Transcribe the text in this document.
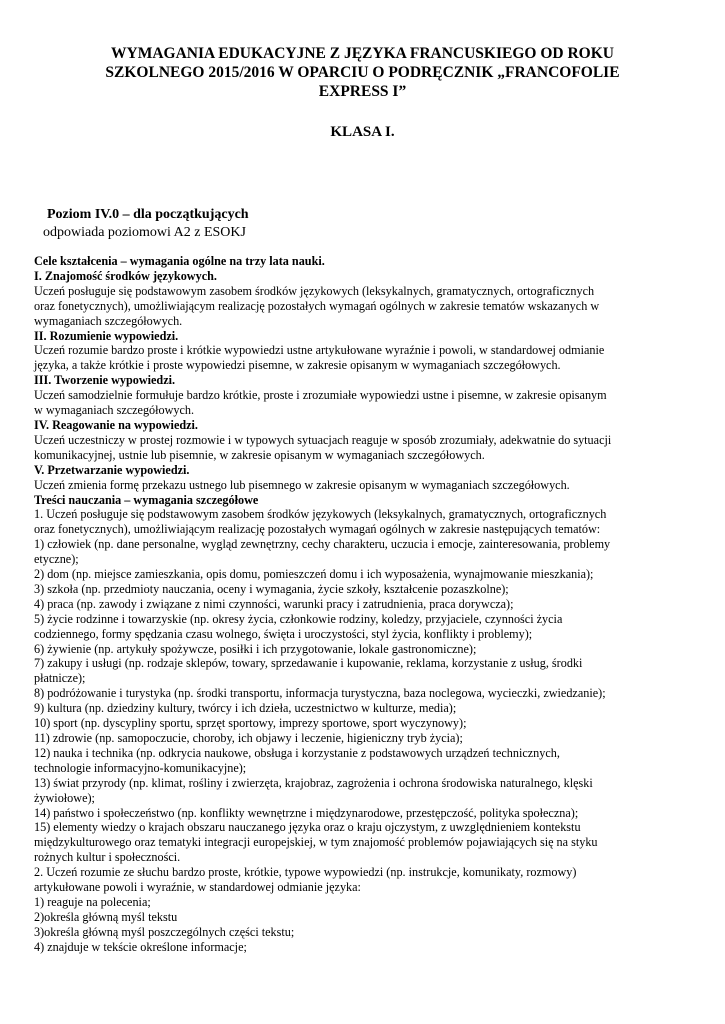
WYMAGANIA EDUKACYJNE Z JĘZYKA FRANCUSKIEGO OD ROKU
SZKOLNEGO 2015/2016 W OPARCIU O PODRĘCZNIK „FRANCOFOLIE
EXPRESS I”
KLASA I.
Poziom IV.0 – dla początkujących
odpowiada poziomowi A2 z ESOKJ
Cele kształcenia – wymagania ogólne na trzy lata nauki.
I. Znajomość środków językowych.
Uczeń posługuje się podstawowym zasobem środków językowych (leksykalnych, gramatycznych, ortograficznych
oraz fonetycznych), umożliwiającym realizację pozostałych wymagań ogólnych w zakresie tematów wskazanych w
wymaganiach szczegółowych.
II. Rozumienie wypowiedzi.
Uczeń rozumie bardzo proste i krótkie wypowiedzi ustne artykułowane wyraźnie i powoli, w standardowej odmianie
języka, a także krótkie i proste wypowiedzi pisemne, w zakresie opisanym w wymaganiach szczegółowych.
III. Tworzenie wypowiedzi.
Uczeń samodzielnie formułuje bardzo krótkie, proste i zrozumiałe wypowiedzi ustne i pisemne, w zakresie opisanym
w wymaganiach szczegółowych.
IV. Reagowanie na wypowiedzi.
Uczeń uczestniczy w prostej rozmowie i w typowych sytuacjach reaguje w sposób zrozumiały, adekwatnie do sytuacji
komunikacyjnej, ustnie lub pisemnie, w zakresie opisanym w wymaganiach szczegółowych.
V. Przetwarzanie wypowiedzi.
Uczeń zmienia formę przekazu ustnego lub pisemnego w zakresie opisanym w wymaganiach szczegółowych.
Treści nauczania – wymagania szczegółowe
1. Uczeń posługuje się podstawowym zasobem środków językowych (leksykalnych, gramatycznych, ortograficznych
oraz fonetycznych), umożliwiającym realizację pozostałych wymagań ogólnych w zakresie następujących tematów:
1) człowiek (np. dane personalne, wygląd zewnętrzny, cechy charakteru, uczucia i emocje, zainteresowania, problemy
etyczne);
2) dom (np. miejsce zamieszkania, opis domu, pomieszczeń domu i ich wyposażenia, wynajmowanie mieszkania);
3) szkoła (np. przedmioty nauczania, oceny i wymagania, życie szkoły, kształcenie pozaszkolne);
4) praca (np. zawody i związane z nimi czynności, warunki pracy i zatrudnienia, praca dorywcza);
5) życie rodzinne i towarzyskie (np. okresy życia, członkowie rodziny, koledzy, przyjaciele, czynności życia
codziennego, formy spędzania czasu wolnego, święta i uroczystości, styl życia, konflikty i problemy);
6) żywienie (np. artykuły spożywcze, posiłki i ich przygotowanie, lokale gastronomiczne);
7) zakupy i usługi (np. rodzaje sklepów, towary, sprzedawanie i kupowanie, reklama, korzystanie z usług, środki
płatnicze);
8) podróżowanie i turystyka (np. środki transportu, informacja turystyczna, baza noclegowa, wycieczki, zwiedzanie);
9) kultura (np. dziedziny kultury, twórcy i ich dzieła, uczestnictwo w kulturze, media);
10) sport (np. dyscypliny sportu, sprzęt sportowy, imprezy sportowe, sport wyczynowy);
11) zdrowie (np. samopoczucie, choroby, ich objawy i leczenie, higieniczny tryb życia);
12) nauka i technika (np. odkrycia naukowe, obsługa i korzystanie z podstawowych urządzeń technicznych,
technologie informacyjno-komunikacyjne);
13) świat przyrody (np. klimat, rośliny i zwierzęta, krajobraz, zagrożenia i ochrona środowiska naturalnego, klęski
żywiołowe);
14) państwo i społeczeństwo (np. konflikty wewnętrzne i międzynarodowe, przestępczość, polityka społeczna);
15) elementy wiedzy o krajach obszaru nauczanego języka oraz o kraju ojczystym, z uwzględnieniem kontekstu
międzykulturowego oraz tematyki integracji europejskiej, w tym znajomość problemów pojawiających się na styku
rożnych kultur i społeczności.
2. Uczeń rozumie ze słuchu bardzo proste, krótkie, typowe wypowiedzi (np. instrukcje, komunikaty, rozmowy)
artykułowane powoli i wyraźnie, w standardowej odmianie języka:
1) reaguje na polecenia;
2)określa główną myśl tekstu
3)określa główną myśl poszczególnych części tekstu;
4) znajduje w tekście określone informacje;
